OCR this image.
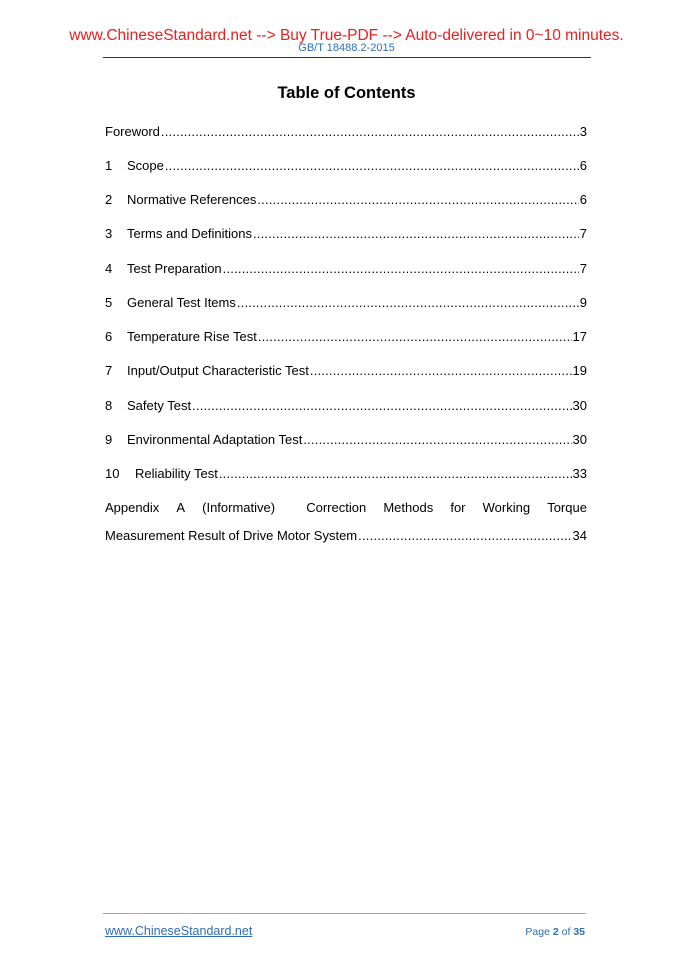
www.ChineseStandard.net --> Buy True-PDF --> Auto-delivered in 0~10 minutes.
GB/T 18488.2-2015
Table of Contents
Foreword .....	3
1	Scope .....	6
2	Normative References .....	6
3	Terms and Definitions .....	7
4	Test Preparation .....	7
5	General Test Items .....	9
6	Temperature Rise Test .....	17
7	Input/Output Characteristic Test .....	19
8	Safety Test .....	30
9	Environmental Adaptation Test .....	30
10	Reliability Test .....	33
Appendix A (Informative) Correction Methods for Working Torque
Measurement Result of Drive Motor System .....	34
www.ChineseStandard.net	Page 2 of 35
